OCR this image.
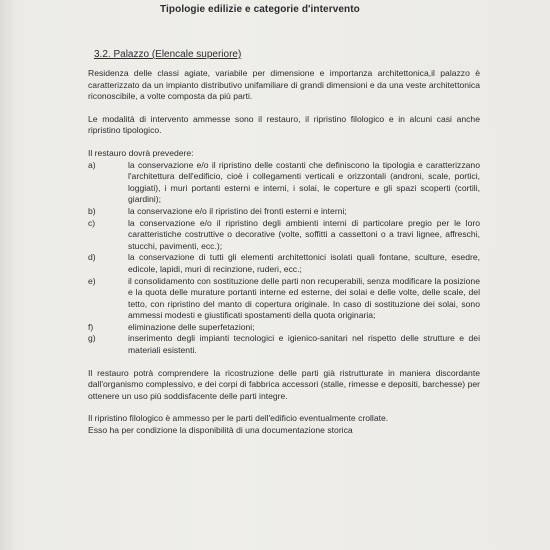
Tipologie edilizie e categorie d'intervento
3.2. Palazzo (Elencale superiore)

Residenza delle classi agiate, variabile per dimensione e importanza architettonica,il palazzo è caratterizzato da un impianto distributivo unifamiliare di grandi dimensioni e da una veste architettonica riconoscibile, a volte composta da più parti.

Le modalità di intervento ammesse sono il restauro, il ripristino filologico e in alcuni casi anche ripristino tipologico.

Il restauro dovrà prevedere:

a)	la conservazione e/o il ripristino delle costanti che definiscono la tipologia e caratterizzano l'architettura dell'edificio, cioè i collegamenti verticali e orizzontali (androni, scale, portici, loggiati), i muri portanti esterni e interni, i solai, le coperture e gli spazi scoperti (cortili, giardini);
b)	la conservazione e/o il ripristino dei fronti esterni e interni;
c)	la conservazione e/o il ripristino degli ambienti interni di particolare pregio per le loro caratteristiche costruttive o decorative (volte, soffitti a cassettoni o a travi lignee, affreschi, stucchi, pavimenti, ecc.);
d)	la conservazione di tutti gli elementi architettonici isolati quali fontane, sculture, esedre, edicole, lapidi, muri di recinzione, ruderi, ecc.;
e)	il consolidamento con sostituzione delle parti non recuperabili, senza modificare la posizione e la quota delle murature portanti interne ed esterne, dei solai e delle volte, delle scale, del tetto, con ripristino del manto di copertura originale. In caso di sostituzione dei solai, sono ammessi modesti e giustificati spostamenti della quota originaria;
f)	eliminazione delle superfetazioni;
g)	inserimento degli impianti tecnologici e igienico-sanitari nel rispetto delle strutture e dei materiali esistenti.

Il restauro potrà comprendere la ricostruzione delle parti già ristrutturate in maniera discordante dall'organismo complessivo, e dei corpi di fabbrica accessori (stalle, rimesse e depositi, barchesse) per ottenere un uso più soddisfacente delle parti integre.

Il ripristino filologico è ammesso per le parti dell'edificio eventualmente crollate.

Esso ha per condizione la disponibilità di una documentazione storica
